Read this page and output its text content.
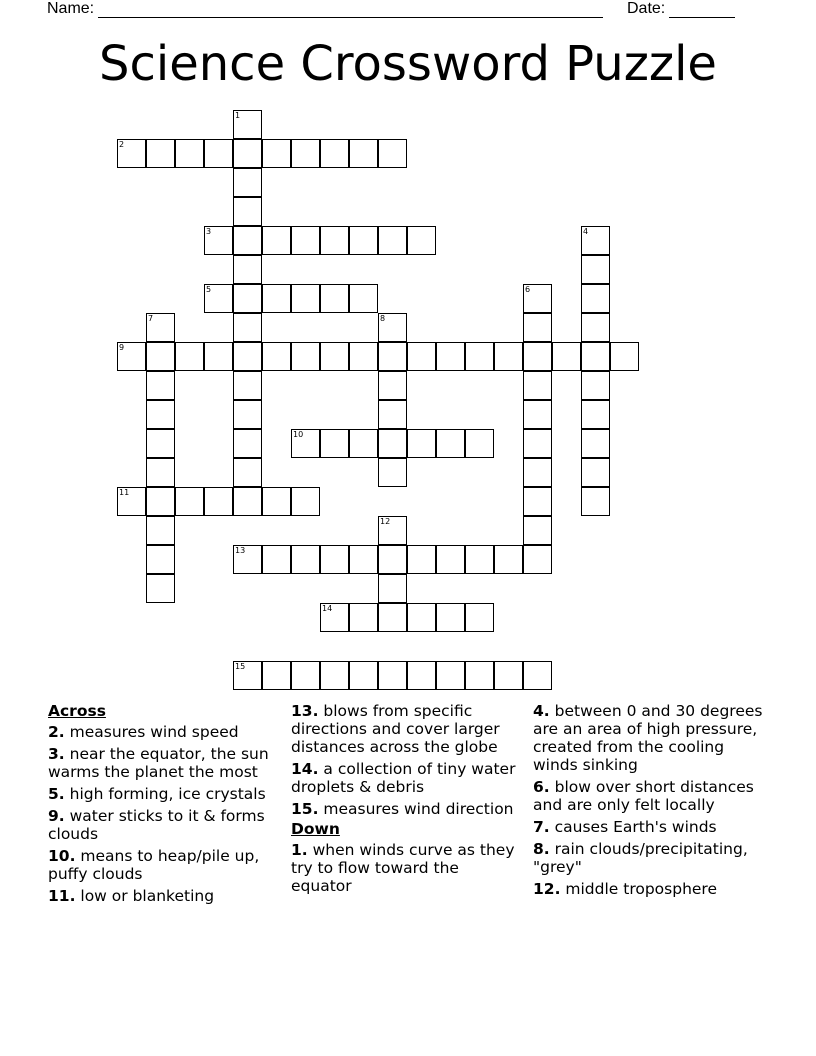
Name:	Date:
Science Crossword Puzzle
1
2
3	4
5	6
7	8
9
10
11
12
13
14
15
Across
2. measures wind speed
3. near the equator, the sun warms the planet the most
5. high forming, ice crystals
9. water sticks to it & forms clouds
10. means to heap/pile up, puffy clouds
11. low or blanketing
13. blows from specific directions and cover larger distances across the globe
14. a collection of tiny water droplets & debris
15. measures wind direction
Down
1. when winds curve as they try to flow toward the equator
4. between 0 and 30 degrees are an area of high pressure, created from the cooling winds sinking
6. blow over short distances and are only felt locally
7. causes Earth's winds
8. rain clouds/precipitating, "grey"
12. middle troposphere
